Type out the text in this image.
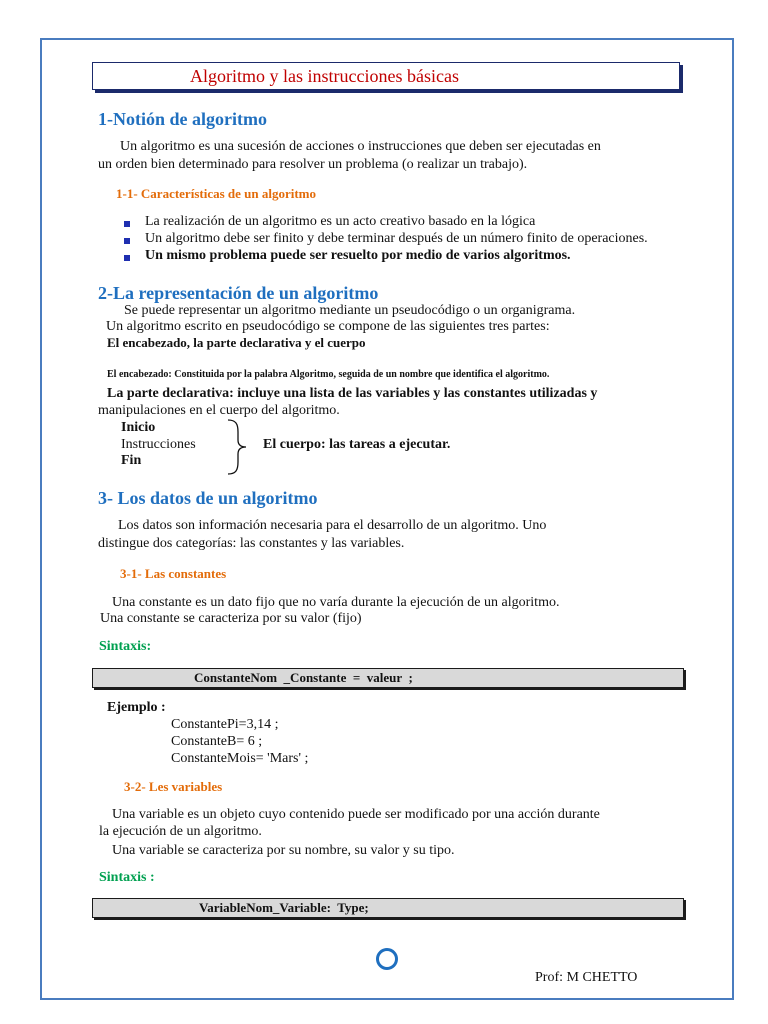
Algoritmo y las instrucciones básicas
1-Notión de algoritmo
Un algoritmo es una sucesión de acciones o instrucciones que deben ser ejecutadas en
un orden bien determinado para resolver un problema (o realizar un trabajo).
1-1- Características de un algoritmo
La realización de un algoritmo es un acto creativo basado en la lógica
Un algoritmo debe ser finito y debe terminar después de un número finito de operaciones.
Un mismo problema puede ser resuelto por medio de varios algoritmos.
2-La representación de un algoritmo
Se puede representar un algoritmo mediante un pseudocódigo o un organigrama.
Un algoritmo escrito en pseudocódigo se compone de las siguientes tres partes:
El encabezado, la parte declarativa y el cuerpo
El encabezado: Constituida por la palabra Algoritmo, seguida de un nombre que identifica el algoritmo.
La parte declarativa: incluye una lista de las variables y las constantes utilizadas y
manipulaciones en el cuerpo del algoritmo.
Inicio
Instrucciones
Fin
El cuerpo: las tareas a ejecutar.
3- Los datos de un algoritmo
Los datos son información necesaria para el desarrollo de un algoritmo. Uno
distingue dos categorías: las constantes y las variables.
3-1- Las constantes
Una constante es un dato fijo que no varía durante la ejecución de un algoritmo.
Una constante se caracteriza por su valor (fijo)
Sintaxis:
ConstanteNom  _Constante  =  valeur  ;
Ejemplo :
ConstantePi=3,14 ;
ConstanteB= 6 ;
ConstanteMois= 'Mars' ;
3-2- Les variables
Una variable es un objeto cuyo contenido puede ser modificado por una acción durante
la ejecución de un algoritmo.
Una variable se caracteriza por su nombre, su valor y su tipo.
Sintaxis :
VariableNom_Variable:  Type;
Prof: M CHETTO
